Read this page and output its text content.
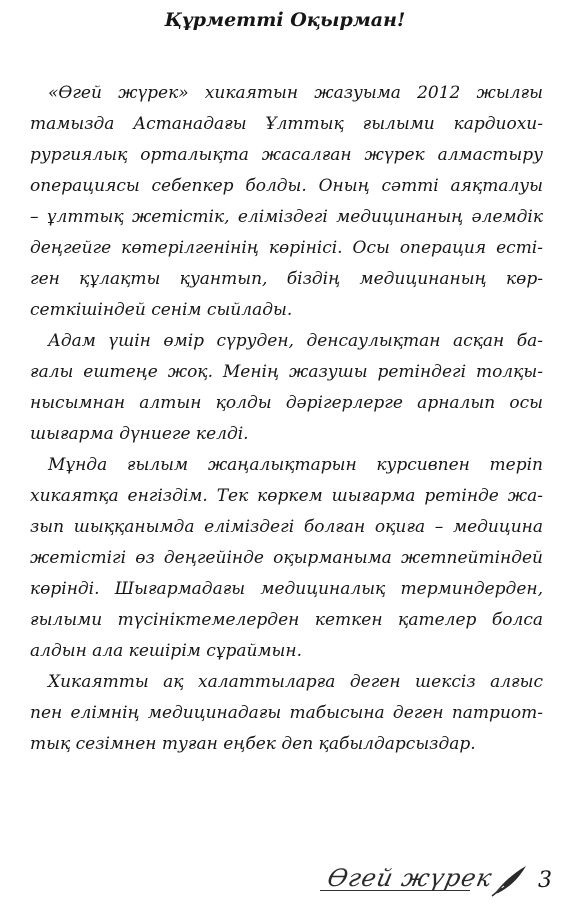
Құрметті Оқырман!
«Өгей жүрек» хикаятын жазуыма 2012 жылғы
тамызда Астанадағы Ұлттық ғылыми кардиохи-
рургиялық орталықта жасалған жүрек алмастыру
операциясы себепкер болды. Оның сәтті аяқталуы
– ұлттық жетістік, еліміздегі медицинаның әлемдік
деңгейге көтерілгенінің көрінісі. Осы операция есті-
ген құлақты қуантып, біздің медицинаның көр-
сеткішіндей сенім сыйлады.
Адам үшін өмір сүруден, денсаулықтан асқан ба-
ғалы ештеңе жоқ. Менің жазушы ретіндегі толқы-
нысымнан алтын қолды дәрігерлерге арналып осы
шығарма дүниеге келді.
Мұнда ғылым жаңалықтарын курсивпен теріп
хикаятқа енгіздім. Тек көркем шығарма ретінде жа-
зып шыққанымда еліміздегі болған оқиға – медицина
жетістігі өз деңгейінде оқырманыма жетпейтіндей
көрінді. Шығармадағы медициналық терминдерден,
ғылыми түсініктемелерден кеткен қателер болса
алдын ала кешірім сұраймын.
Хикаятты ақ халаттыларға деген шексіз алғыс
пен елімнің медицинадағы табысына деген патриот-
тық сезімнен туған еңбек деп қабылдарсыздар.
Өгей жүрек 3
